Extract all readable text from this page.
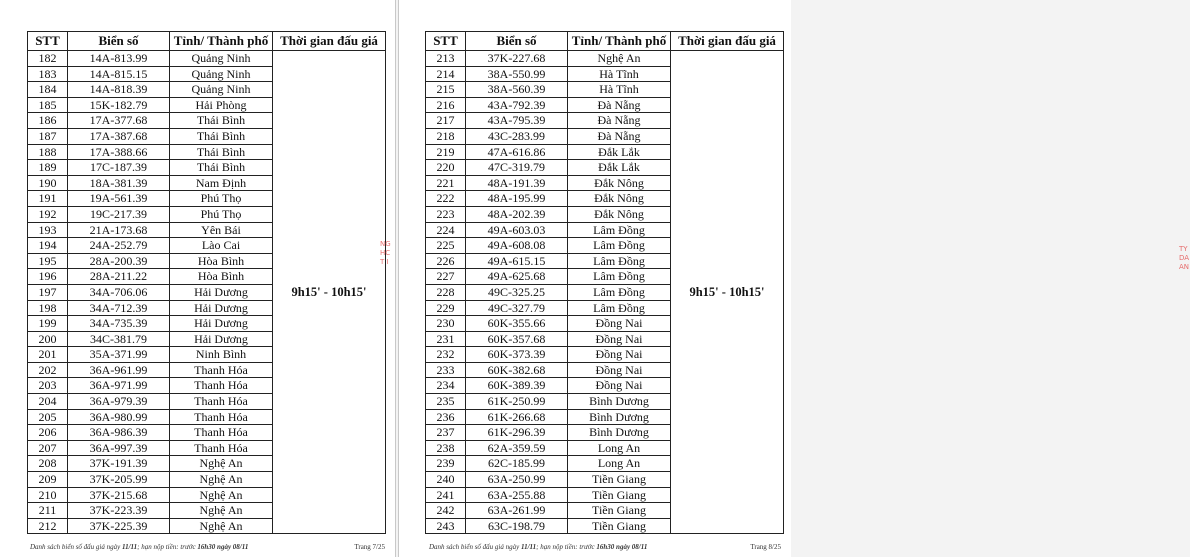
STT	Biển số	Tỉnh/ Thành phố	Thời gian đấu giá
182	14A-813.99	Quảng Ninh	9h15' - 10h15'
183	14A-815.15	Quảng Ninh	
184	14A-818.39	Quảng Ninh	
185	15K-182.79	Hải Phòng	
186	17A-377.68	Thái Bình	
187	17A-387.68	Thái Bình	
188	17A-388.66	Thái Bình	
189	17C-187.39	Thái Bình	
190	18A-381.39	Nam Định	
191	19A-561.39	Phú Thọ	
192	19C-217.39	Phú Thọ	
193	21A-173.68	Yên Bái	
194	24A-252.79	Lào Cai	
195	28A-200.39	Hòa Bình	
196	28A-211.22	Hòa Bình	
197	34A-706.06	Hải Dương	
198	34A-712.39	Hải Dương	
199	34A-735.39	Hải Dương	
200	34C-381.79	Hải Dương	
201	35A-371.99	Ninh Bình	
202	36A-961.99	Thanh Hóa	
203	36A-971.99	Thanh Hóa	
204	36A-979.39	Thanh Hóa	
205	36A-980.99	Thanh Hóa	
206	36A-986.39	Thanh Hóa	
207	36A-997.39	Thanh Hóa	
208	37K-191.39	Nghệ An	
209	37K-205.99	Nghệ An	
210	37K-215.68	Nghệ An	
211	37K-223.39	Nghệ An	
212	37K-225.39	Nghệ An	
NG
HC
T I
Danh sách biển số đấu giá ngày 11/11; hạn nộp tiền: trước 16h30 ngày 08/11	Trang 7/25
STT	Biển số	Tỉnh/ Thành phố	Thời gian đấu giá
213	37K-227.68	Nghệ An	9h15' - 10h15'
214	38A-550.99	Hà Tĩnh	
215	38A-560.39	Hà Tĩnh	
216	43A-792.39	Đà Nẵng	
217	43A-795.39	Đà Nẵng	
218	43C-283.99	Đà Nẵng	
219	47A-616.86	Đắk Lắk	
220	47C-319.79	Đắk Lắk	
221	48A-191.39	Đắk Nông	
222	48A-195.99	Đắk Nông	
223	48A-202.39	Đắk Nông	
224	49A-603.03	Lâm Đồng	
225	49A-608.08	Lâm Đồng	
226	49A-615.15	Lâm Đồng	
227	49A-625.68	Lâm Đồng	
228	49C-325.25	Lâm Đồng	
229	49C-327.79	Lâm Đồng	
230	60K-355.66	Đồng Nai	
231	60K-357.68	Đồng Nai	
232	60K-373.39	Đồng Nai	
233	60K-382.68	Đồng Nai	
234	60K-389.39	Đồng Nai	
235	61K-250.99	Bình Dương	
236	61K-266.68	Bình Dương	
237	61K-296.39	Bình Dương	
238	62A-359.59	Long An	
239	62C-185.99	Long An	
240	63A-250.99	Tiền Giang	
241	63A-255.88	Tiền Giang	
242	63A-261.99	Tiền Giang	
243	63C-198.79	Tiền Giang	
TY
DA
AN
Danh sách biển số đấu giá ngày 11/11; hạn nộp tiền: trước 16h30 ngày 08/11	Trang 8/25
